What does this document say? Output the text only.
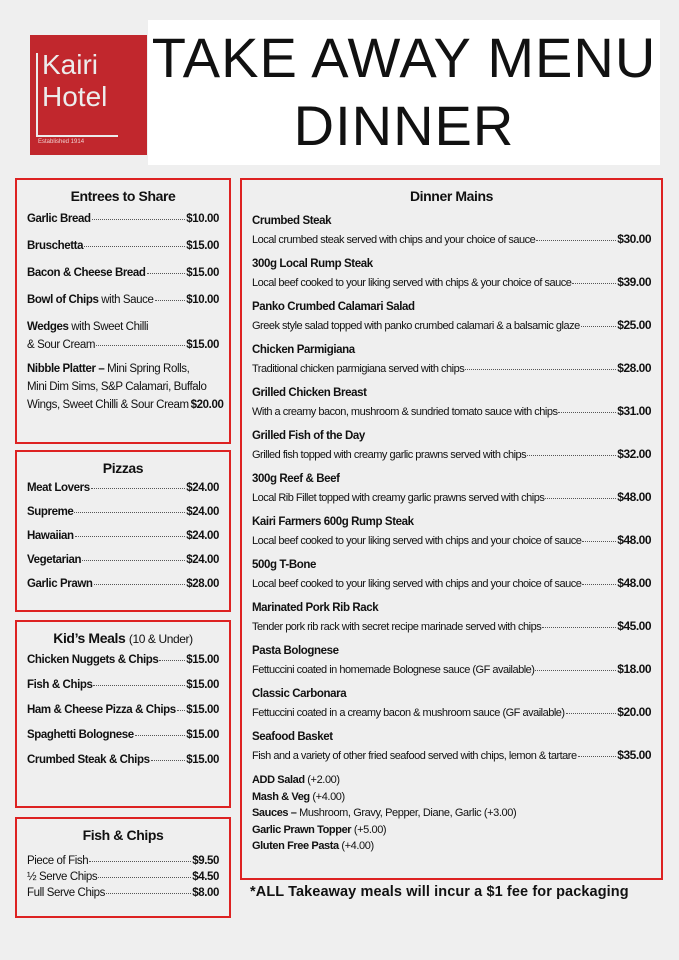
Kairi
Hotel
Established 1914
TAKE AWAY MENU
DINNER
Entrees to Share
Garlic Bread	$10.00
Bruschetta	$15.00
Bacon & Cheese Bread	$15.00
Bowl of Chips with Sauce	$10.00
Wedges with Sweet Chilli
& Sour Cream	$15.00
Nibble Platter – Mini Spring Rolls,
Mini Dim Sims, S&P Calamari, Buffalo
Wings, Sweet Chilli & Sour Cream $20.00
Pizzas
Meat Lovers	$24.00
Supreme	$24.00
Hawaiian	$24.00
Vegetarian	$24.00
Garlic Prawn	$28.00
Kid’s Meals (10 & Under)
Chicken Nuggets & Chips $15.00
Fish & Chips	$15.00
Ham & Cheese Pizza & Chips $15.00
Spaghetti Bolognese	$15.00
Crumbed Steak & Chips	$15.00
Fish & Chips
Piece of Fish	$9.50
½ Serve Chips	$4.50
Full Serve Chips	$8.00
Dinner Mains
Crumbed Steak
Local crumbed steak served with chips and your choice of sauce	$30.00
300g Local Rump Steak
Local beef cooked to your liking served with chips & your choice of sauce	$39.00
Panko Crumbed Calamari Salad
Greek style salad topped with panko crumbed calamari & a balsamic glaze	$25.00
Chicken Parmigiana
Traditional chicken parmigiana served with chips	$28.00
Grilled Chicken Breast
With a creamy bacon, mushroom & sundried tomato sauce with chips	$31.00
Grilled Fish of the Day
Grilled fish topped with creamy garlic prawns served with chips	$32.00
300g Reef & Beef
Local Rib Fillet topped with creamy garlic prawns served with chips	$48.00
Kairi Farmers 600g Rump Steak
Local beef cooked to your liking served with chips and your choice of sauce	$48.00
500g T-Bone
Local beef cooked to your liking served with chips and your choice of sauce	$48.00
Marinated Pork Rib Rack
Tender pork rib rack with secret recipe marinade served with chips	$45.00
Pasta Bolognese
Fettuccini coated in homemade Bolognese sauce (GF available)	$18.00
Classic Carbonara
Fettuccini coated in a creamy bacon & mushroom sauce (GF available)	$20.00
Seafood Basket
Fish and a variety of other fried seafood served with chips, lemon & tartare	$35.00
ADD Salad (+2.00)
Mash & Veg (+4.00)
Sauces – Mushroom, Gravy, Pepper, Diane, Garlic (+3.00)
Garlic Prawn Topper (+5.00)
Gluten Free Pasta (+4.00)
*ALL Takeaway meals will incur a $1 fee for packaging
